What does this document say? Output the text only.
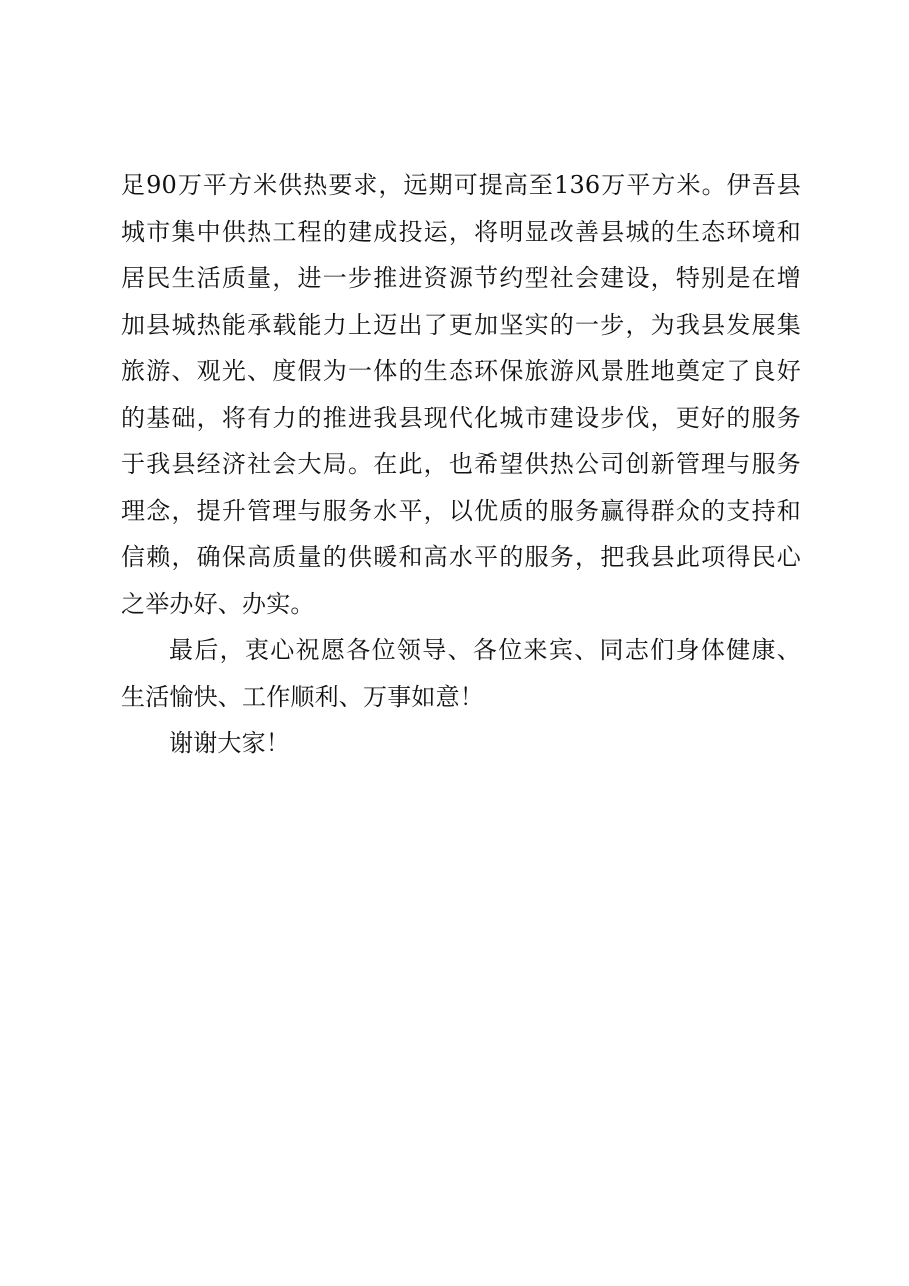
足90万平方米供热要求，远期可提高至136万平方米。伊吾县
城市集中供热工程的建成投运，将明显改善县城的生态环境和
居民生活质量，进一步推进资源节约型社会建设，特别是在增
加县城热能承载能力上迈出了更加坚实的一步，为我县发展集
旅游、观光、度假为一体的生态环保旅游风景胜地奠定了良好
的基础，将有力的推进我县现代化城市建设步伐，更好的服务
于我县经济社会大局。在此，也希望供热公司创新管理与服务
理念，提升管理与服务水平，以优质的服务赢得群众的支持和
信赖，确保高质量的供暖和高水平的服务，把我县此项得民心
之举办好、办实。
最后，衷心祝愿各位领导、各位来宾、同志们身体健康、
生活愉快、工作顺利、万事如意！
谢谢大家！
